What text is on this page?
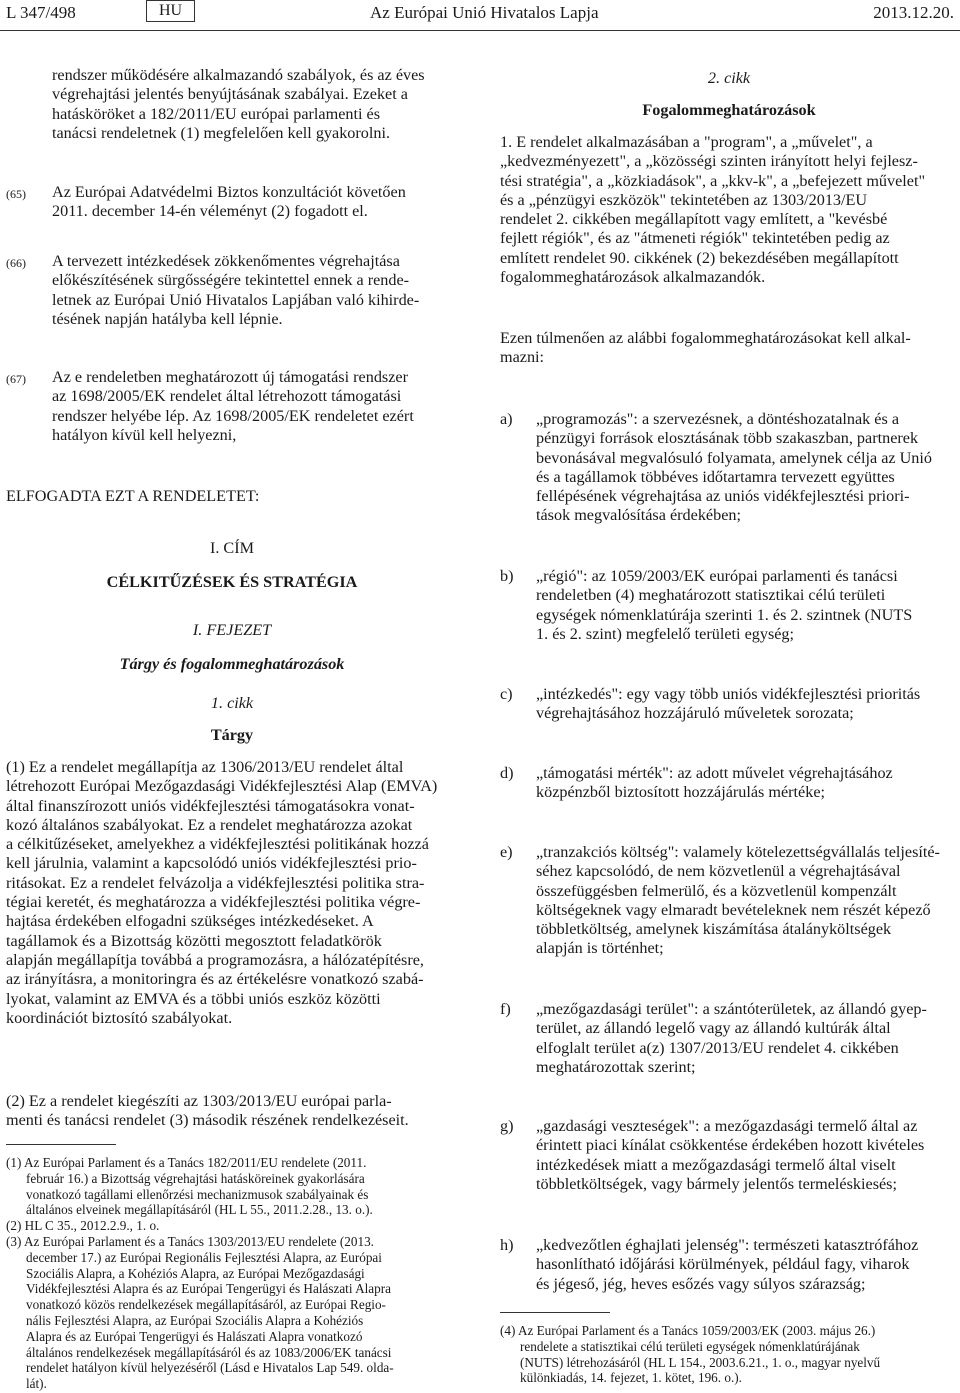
L 347/498	HU	Az Európai Unió Hivatalos Lapja	2013.12.20.
rendszer működésére alkalmazandó szabályok, és az éves
végrehajtási jelentés benyújtásának szabályai. Ezeket a
hatásköröket a 182/2011/EU európai parlamenti és
tanácsi rendeletnek (1) megfelelően kell gyakorolni.
(65) Az Európai Adatvédelmi Biztos konzultációt követően
2011. december 14-én véleményt (2) fogadott el.
(66) A tervezett intézkedések zökkenőmentes végrehajtása
előkészítésének sürgősségére tekintettel ennek a rende-
letnek az Európai Unió Hivatalos Lapjában való kihirde-
tésének napján hatályba kell lépnie.
(67) Az e rendeletben meghatározott új támogatási rendszer
az 1698/2005/EK rendelet által létrehozott támogatási
rendszer helyébe lép. Az 1698/2005/EK rendeletet ezért
hatályon kívül kell helyezni,
ELFOGADTA EZT A RENDELETET:
I. CÍM
CÉLKITŰZÉSEK ÉS STRATÉGIA
I. FEJEZET
Tárgy és fogalommeghatározások
1. cikk
Tárgy
(1) Ez a rendelet megállapítja az 1306/2013/EU rendelet által
létrehozott Európai Mezőgazdasági Vidékfejlesztési Alap (EMVA)
által finanszírozott uniós vidékfejlesztési támogatásokra vonat-
kozó általános szabályokat. Ez a rendelet meghatározza azokat
a célkitűzéseket, amelyekhez a vidékfejlesztési politikának hozzá
kell járulnia, valamint a kapcsolódó uniós vidékfejlesztési prio-
ritásokat. Ez a rendelet felvázolja a vidékfejlesztési politika stra-
tégiai keretét, és meghatározza a vidékfejlesztési politika végre-
hajtása érdekében elfogadni szükséges intézkedéseket. A
tagállamok és a Bizottság közötti megosztott feladatkörök
alapján megállapítja továbbá a programozásra, a hálózatépítésre,
az irányításra, a monitoringra és az értékelésre vonatkozó szabá-
lyokat, valamint az EMVA és a többi uniós eszköz közötti
koordinációt biztosító szabályokat.
(2) Ez a rendelet kiegészíti az 1303/2013/EU európai parla-
menti és tanácsi rendelet (3) második részének rendelkezéseit.
(1) Az Európai Parlament és a Tanács 182/2011/EU rendelete (2011.
február 16.) a Bizottság végrehajtási hatásköreinek gyakorlására
vonatkozó tagállami ellenőrzési mechanizmusok szabályainak és
általános elveinek megállapításáról (HL L 55., 2011.2.28., 13. o.).
(2) HL C 35., 2012.2.9., 1. o.
(3) Az Európai Parlament és a Tanács 1303/2013/EU rendelete (2013.
december 17.) az Európai Regionális Fejlesztési Alapra, az Európai
Szociális Alapra, a Kohéziós Alapra, az Európai Mezőgazdasági
Vidékfejlesztési Alapra és az Európai Tengerügyi és Halászati Alapra
vonatkozó közös rendelkezések megállapításáról, az Európai Regio-
nális Fejlesztési Alapra, az Európai Szociális Alapra a Kohéziós
Alapra és az Európai Tengerügyi és Halászati Alapra vonatkozó
általános rendelkezések megállapításáról és az 1083/2006/EK tanácsi
rendelet hatályon kívül helyezéséről (Lásd e Hivatalos Lap 549. olda-
lát).
2. cikk
Fogalommeghatározások
1. E rendelet alkalmazásában a "program", a „művelet", a
„kedvezményezett", a „közösségi szinten irányított helyi fejlesz-
tési stratégia", a „közkiadások", a „kkv-k", a „befejezett művelet"
és a „pénzügyi eszközök" tekintetében az 1303/2013/EU
rendelet 2. cikkében megállapított vagy említett, a "kevésbé
fejlett régiók", és az "átmeneti régiók" tekintetében pedig az
említett rendelet 90. cikkének (2) bekezdésében megállapított
fogalommeghatározások alkalmazandók.
Ezen túlmenően az alábbi fogalommeghatározásokat kell alkal-
mazni:
a) „programozás": a szervezésnek, a döntéshozatalnak és a
pénzügyi források elosztásának több szakaszban, partnerek
bevonásával megvalósuló folyamata, amelynek célja az Unió
és a tagállamok többéves időtartamra tervezett együttes
fellépésének végrehajtása az uniós vidékfejlesztési priori-
tások megvalósítása érdekében;
b) „régió": az 1059/2003/EK európai parlamenti és tanácsi
rendeletben (4) meghatározott statisztikai célú területi
egységek nómenklatúrája szerinti 1. és 2. szintnek (NUTS
1. és 2. szint) megfelelő területi egység;
c) „intézkedés": egy vagy több uniós vidékfejlesztési prioritás
végrehajtásához hozzájáruló műveletek sorozata;
d) „támogatási mérték": az adott művelet végrehajtásához
közpénzből biztosított hozzájárulás mértéke;
e) „tranzakciós költség": valamely kötelezettségvállalás teljesíté-
séhez kapcsolódó, de nem közvetlenül a végrehajtásával
összefüggésben felmerülő, és a közvetlenül kompenzált
költségeknek vagy elmaradt bevételeknek nem részét képező
többletköltség, amelynek kiszámítása átalányköltségek
alapján is történhet;
f) „mezőgazdasági terület": a szántóterületek, az állandó gyep-
terület, az állandó legelő vagy az állandó kultúrák által
elfoglalt terület a(z) 1307/2013/EU rendelet 4. cikkében
meghatározottak szerint;
g) „gazdasági veszteségek": a mezőgazdasági termelő által az
érintett piaci kínálat csökkentése érdekében hozott kivételes
intézkedések miatt a mezőgazdasági termelő által viselt
többletköltségek, vagy bármely jelentős termeléskiesés;
h) „kedvezőtlen éghajlati jelenség": természeti katasztrófához
hasonlítható időjárási körülmények, például fagy, viharok
és jégeső, jég, heves esőzés vagy súlyos szárazság;
(4) Az Európai Parlament és a Tanács 1059/2003/EK (2003. május 26.)
rendelete a statisztikai célú területi egységek nómenklatúrájának
(NUTS) létrehozásáról (HL L 154., 2003.6.21., 1. o., magyar nyelvű
különkiadás, 14. fejezet, 1. kötet, 196. o.).
